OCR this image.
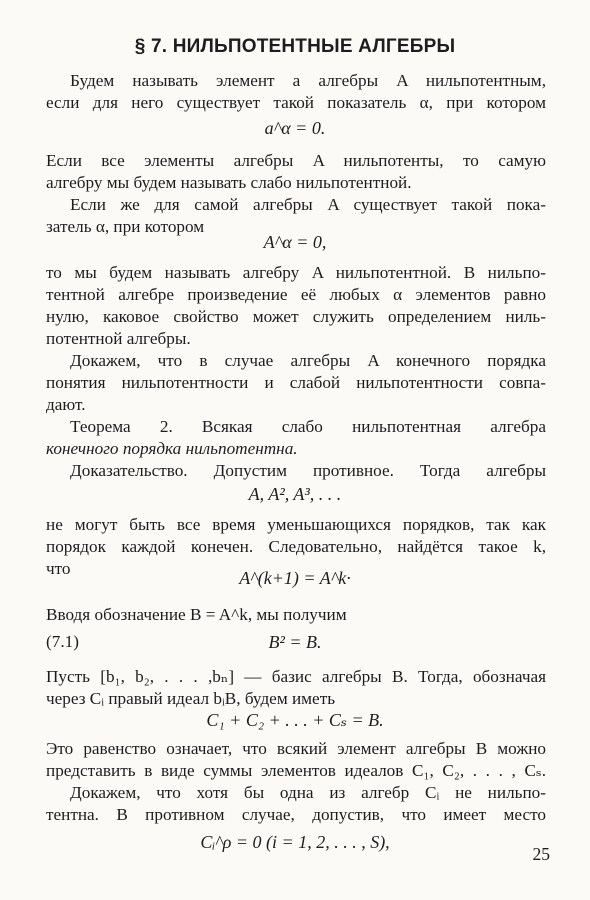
§ 7. НИЛЬПОТЕНТНЫЕ АЛГЕБРЫ
Будем называть элемент a алгебры A нильпотентным,
если для него существует такой показатель α, при котором
a^α = 0.
Если все элементы алгебры A нильпотенты, то самую
алгебру мы будем называть слабо нильпотентной.
Если же для самой алгебры A существует такой пока-
затель α, при котором
A^α = 0,
то мы будем называть алгебру A нильпотентной. В нильпо-
тентной алгебре произведение её любых α элементов равно
нулю, каковое свойство может служить определением ниль-
потентной алгебры.
Докажем, что в случае алгебры A конечного порядка
понятия нильпотентности и слабой нильпотентности совпа-
дают.
Теорема 2. Всякая слабо нильпотентная алгебра
конечного порядка нильпотентна.
Доказательство. Допустим противное. Тогда алгебры
A, A², A³, . . .
не могут быть все время уменьшающихся порядков, так как
порядок каждой конечен. Следовательно, найдётся такое k,
что	A^(k+1) = A^k·
Вводя обозначение B = A^k, мы получим
(7.1)	B² = B.
Пусть [b₁, b₂, . . . ,bₙ] — базис алгебры B. Тогда, обозначая
через Cᵢ правый идеал bᵢB, будем иметь
C₁ + C₂ + . . . + Cₛ = B.
Это равенство означает, что всякий элемент алгебры B можно
представить в виде суммы элементов идеалов C₁, C₂, . . . , Cₛ.
Докажем, что хотя бы одна из алгебр Cᵢ не нильпо-
тентна. В противном случае, допустив, что имеет место
Cᵢ^ρ = 0 (i = 1, 2, . . . , S),
25
